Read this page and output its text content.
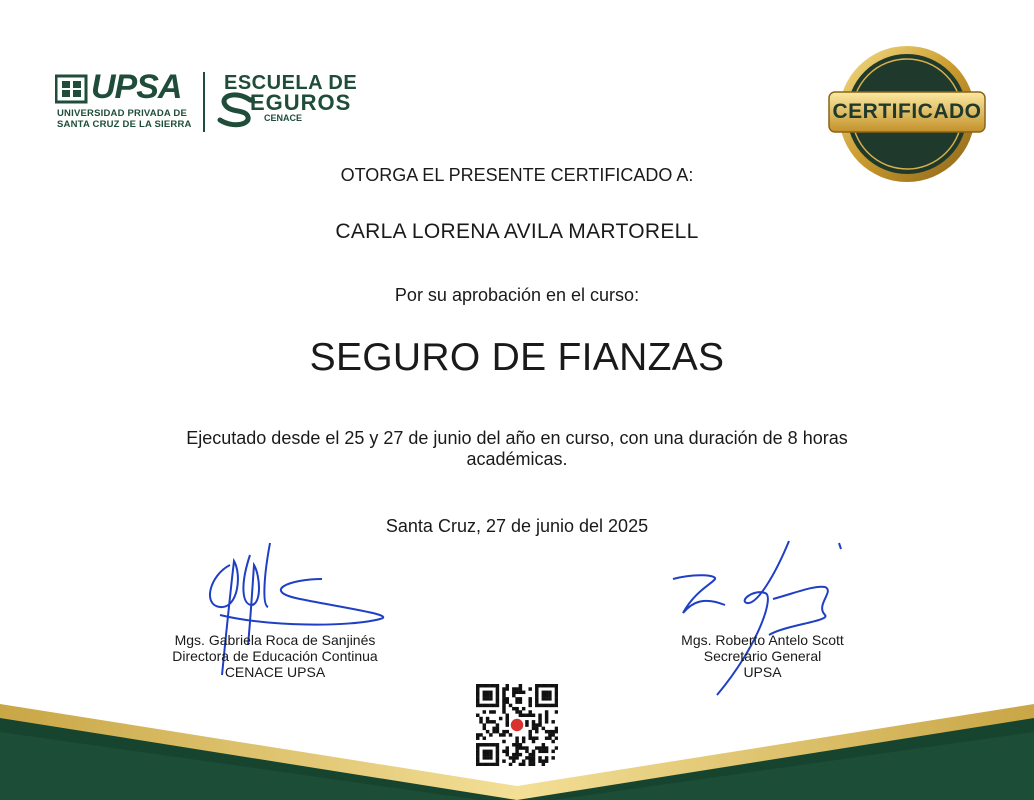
UPSA
UNIVERSIDAD PRIVADA DE
SANTA CRUZ DE LA SIERRA
ESCUELA DE
EGUROS
CENACE	CERTIFICADO
OTORGA EL PRESENTE CERTIFICADO A:
CARLA LORENA AVILA MARTORELL
Por su aprobación en el curso:
SEGURO DE FIANZAS
Ejecutado desde el 25 y 27 de junio del año en curso, con una duración de 8 horas
académicas.
Santa Cruz, 27 de junio del 2025
Mgs. Gabriela Roca de Sanjinés
Directora de Educación Continua
CENACE UPSA
Mgs. Roberto Antelo Scott
Secretario General
UPSA
